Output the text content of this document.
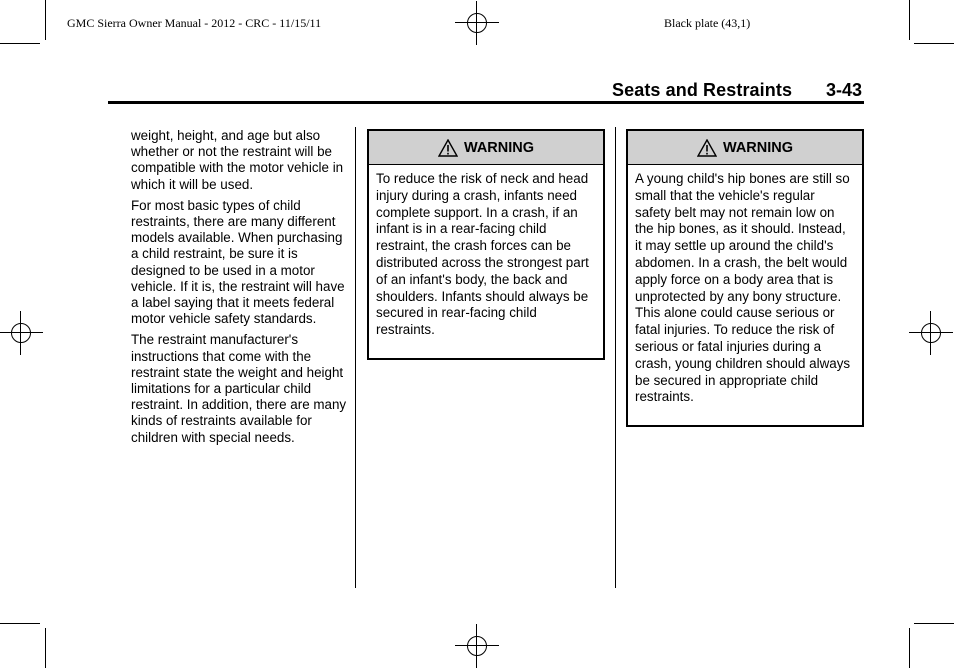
GMC Sierra Owner Manual - 2012 - CRC - 11/15/11	Black plate (43,1)
Seats and Restraints 3-43

weight, height, and age but also whether or not the restraint will be compatible with the motor vehicle in which it will be used.

For most basic types of child restraints, there are many different models available. When purchasing a child restraint, be sure it is designed to be used in a motor vehicle. If it is, the restraint will have a label saying that it meets federal motor vehicle safety standards.

The restraint manufacturer's instructions that come with the restraint state the weight and height limitations for a particular child restraint. In addition, there are many kinds of restraints available for children with special needs.

WARNING
To reduce the risk of neck and head injury during a crash, infants need complete support. In a crash, if an infant is in a rear-facing child restraint, the crash forces can be distributed across the strongest part of an infant's body, the back and shoulders. Infants should always be secured in rear-facing child restraints.
WARNING
A young child's hip bones are still so small that the vehicle's regular safety belt may not remain low on the hip bones, as it should. Instead, it may settle up around the child's abdomen. In a crash, the belt would apply force on a body area that is unprotected by any bony structure. This alone could cause serious or fatal injuries. To reduce the risk of serious or fatal injuries during a crash, young children should always be secured in appropriate child restraints.
